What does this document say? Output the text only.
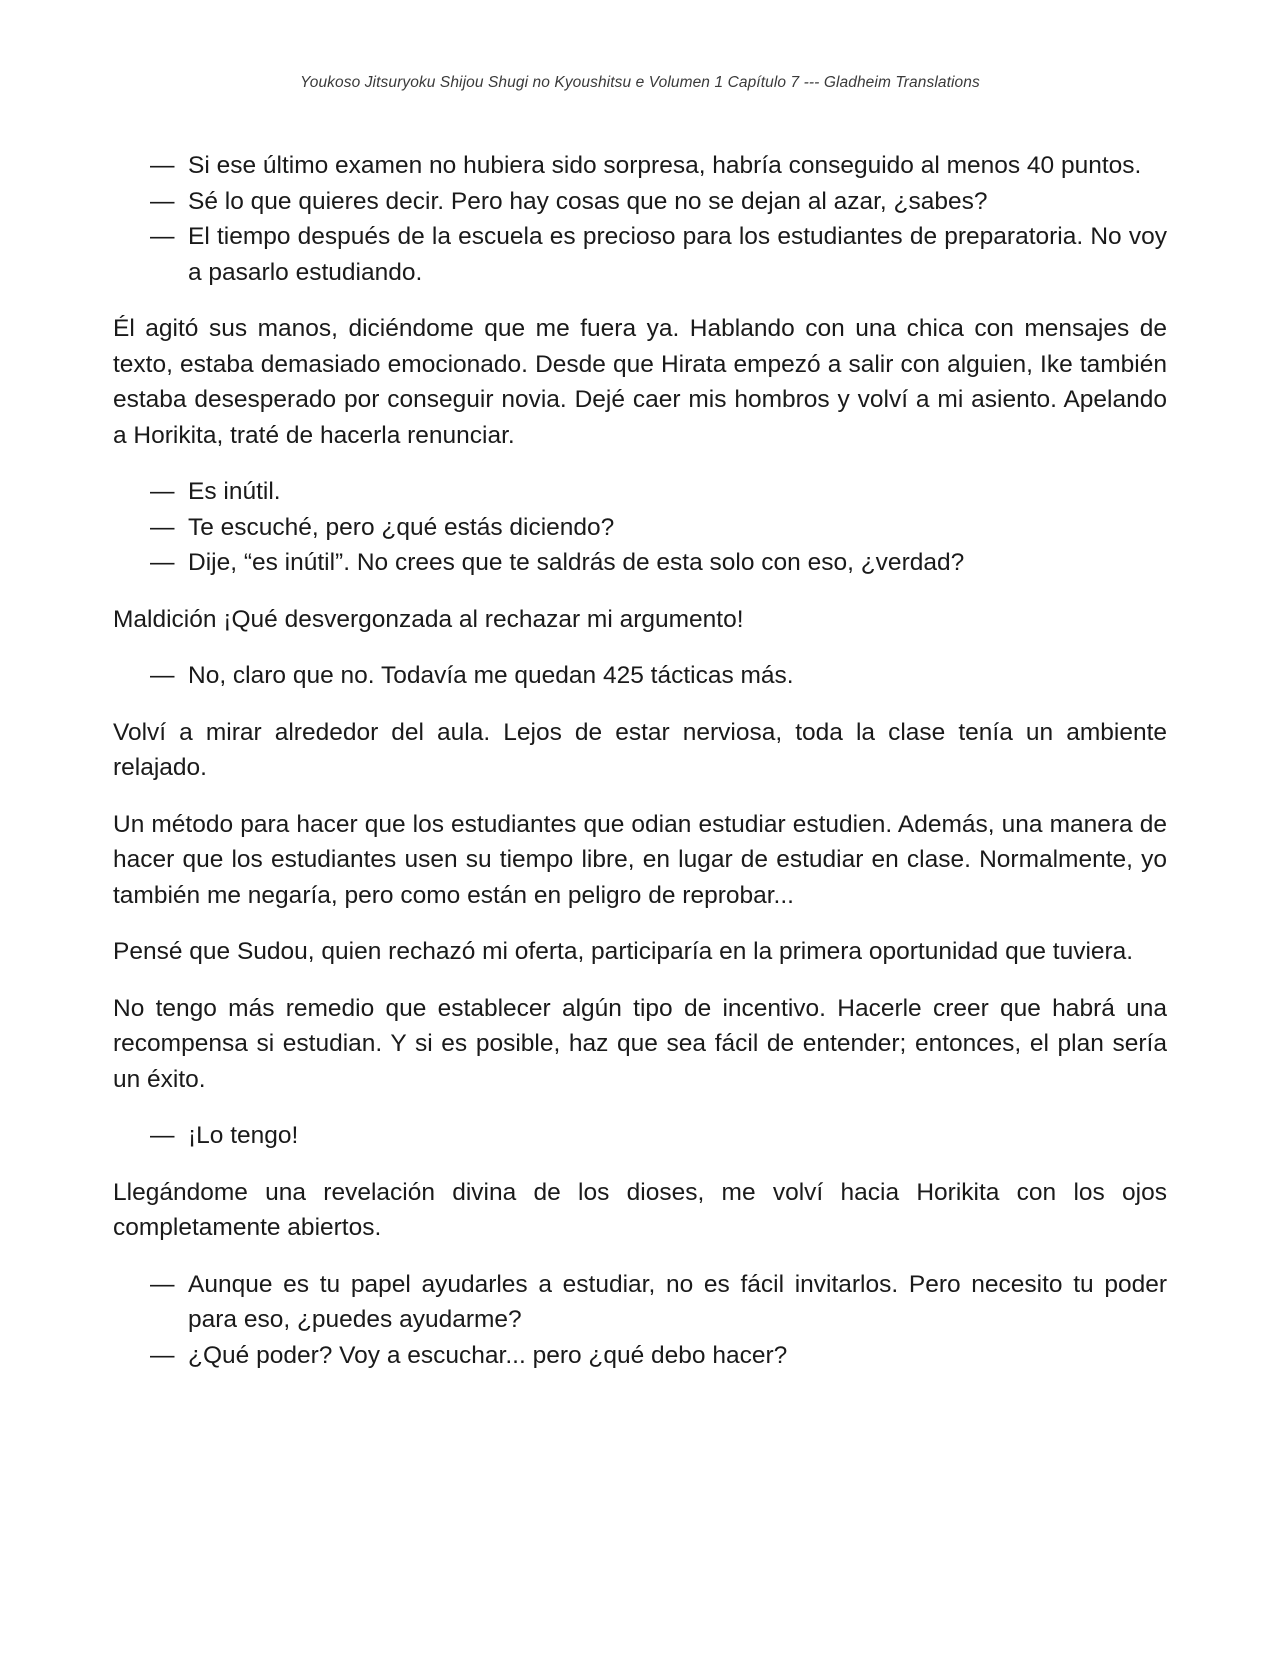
Youkoso Jitsuryoku Shijou Shugi no Kyoushitsu e Volumen 1 Capítulo 7 --- Gladheim Translations

— Si ese último examen no hubiera sido sorpresa, habría conseguido al menos 40 puntos.

— Sé lo que quieres decir. Pero hay cosas que no se dejan al azar, ¿sabes?

— El tiempo después de la escuela es precioso para los estudiantes de preparatoria. No voy a pasarlo estudiando.

Él agitó sus manos, diciéndome que me fuera ya. Hablando con una chica con mensajes de texto, estaba demasiado emocionado. Desde que Hirata empezó a salir con alguien, Ike también estaba desesperado por conseguir novia. Dejé caer mis hombros y volví a mi asiento. Apelando a Horikita, traté de hacerla renunciar.

— Es inútil.

— Te escuché, pero ¿qué estás diciendo?

— Dije, “es inútil”. No crees que te saldrás de esta solo con eso, ¿verdad?

Maldición ¡Qué desvergonzada al rechazar mi argumento!

— No, claro que no. Todavía me quedan 425 tácticas más.

Volví a mirar alrededor del aula. Lejos de estar nerviosa, toda la clase tenía un ambiente relajado.

Un método para hacer que los estudiantes que odian estudiar estudien. Además, una manera de hacer que los estudiantes usen su tiempo libre, en lugar de estudiar en clase. Normalmente, yo también me negaría, pero como están en peligro de reprobar...

Pensé que Sudou, quien rechazó mi oferta, participaría en la primera oportunidad que tuviera.

No tengo más remedio que establecer algún tipo de incentivo. Hacerle creer que habrá una recompensa si estudian. Y si es posible, haz que sea fácil de entender; entonces, el plan sería un éxito.

— ¡Lo tengo!

Llegándome una revelación divina de los dioses, me volví hacia Horikita con los ojos completamente abiertos.

— Aunque es tu papel ayudarles a estudiar, no es fácil invitarlos. Pero necesito tu poder para eso, ¿puedes ayudarme?

— ¿Qué poder? Voy a escuchar... pero ¿qué debo hacer?
